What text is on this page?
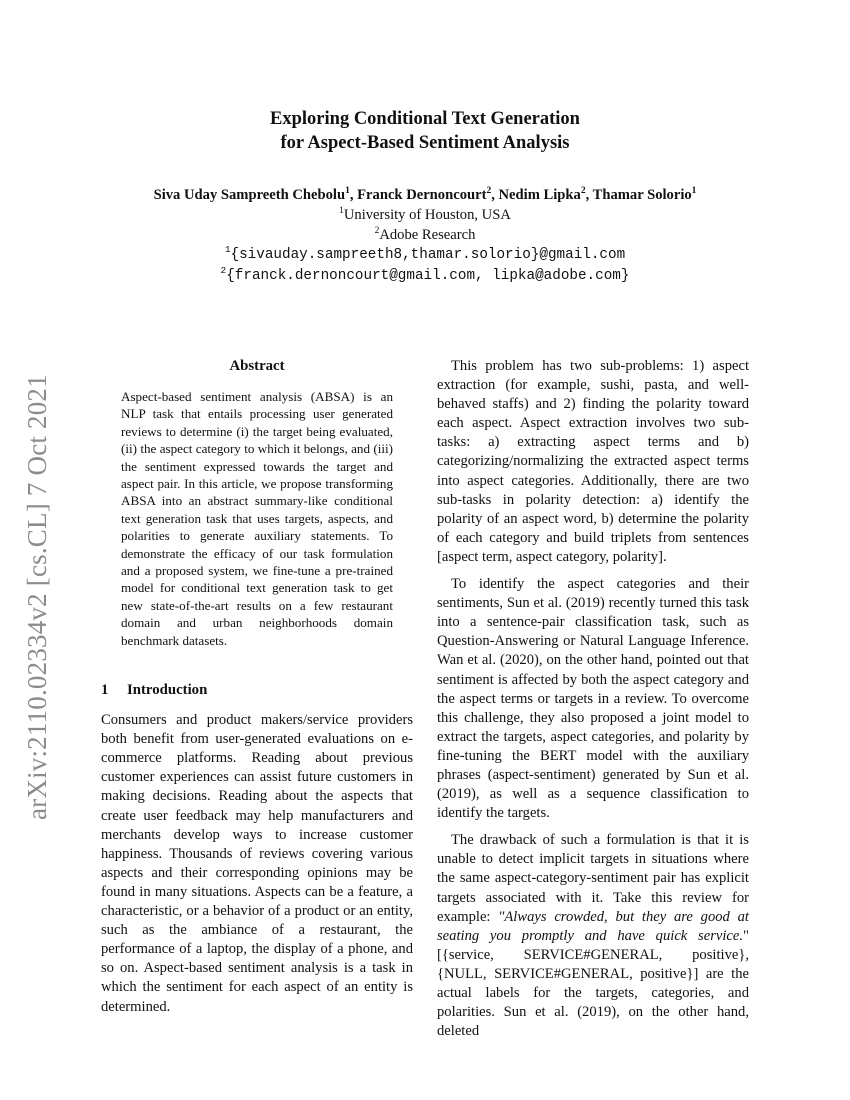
arXiv:2110.02334v2 [cs.CL] 7 Oct 2021
Exploring Conditional Text Generation
for Aspect-Based Sentiment Analysis
Siva Uday Sampreeth Chebolu$^1$, Franck Dernoncourt$^2$, Nedim Lipka$^2$, Thamar Solorio$^1$
$^1$University of Houston, USA
$^2$Adobe Research
$^1${sivauday.sampreeth8,thamar.solorio}@gmail.com
$^2${franck.dernoncourt@gmail.com, lipka@adobe.com}
Abstract

Aspect-based sentiment analysis (ABSA) is an NLP task that entails processing user generated reviews to determine (i) the target being evaluated, (ii) the aspect category to which it belongs, and (iii) the sentiment expressed towards the target and aspect pair. In this article, we propose transforming ABSA into an abstract summary-like conditional text generation task that uses targets, aspects, and polarities to generate auxiliary statements. To demonstrate the efficacy of our task formulation and a proposed system, we fine-tune a pre-trained model for conditional text generation task to get new state-of-the-art results on a few restaurant domain and urban neighborhoods domain benchmark datasets.

1 Introduction

Consumers and product makers/service providers both benefit from user-generated evaluations on e-commerce platforms. Reading about previous customer experiences can assist future customers in making decisions. Reading about the aspects that create user feedback may help manufacturers and merchants develop ways to increase customer happiness. Thousands of reviews covering various aspects and their corresponding opinions may be found in many situations. Aspects can be a feature, a characteristic, or a behavior of a product or an entity, such as the ambiance of a restaurant, the performance of a laptop, the display of a phone, and so on. Aspect-based sentiment analysis is a task in which the sentiment for each aspect of an entity is determined.

This problem has two sub-problems: 1) aspect extraction (for example, sushi, pasta, and well-behaved staffs) and 2) finding the polarity toward each aspect. Aspect extraction involves two sub-tasks: a) extracting aspect terms and b) categorizing/normalizing the extracted aspect terms into aspect categories. Additionally, there are two sub-tasks in polarity detection: a) identify the polarity of an aspect word, b) determine the polarity of each category and build triplets from sentences [aspect term, aspect category, polarity].

To identify the aspect categories and their sentiments, Sun et al. (2019) recently turned this task into a sentence-pair classification task, such as Question-Answering or Natural Language Inference. Wan et al. (2020), on the other hand, pointed out that sentiment is affected by both the aspect category and the aspect terms or targets in a review. To overcome this challenge, they also proposed a joint model to extract the targets, aspect categories, and polarity by fine-tuning the BERT model with the auxiliary phrases (aspect-sentiment) generated by Sun et al. (2019), as well as a sequence classification to identify the targets.

The drawback of such a formulation is that it is unable to detect implicit targets in situations where the same aspect-category-sentiment pair has explicit targets associated with it. Take this review for example: "Always crowded, but they are good at seating you promptly and have quick service." [{service, SERVICE#GENERAL, positive}, {NULL, SERVICE#GENERAL, positive}] are the actual labels for the targets, categories, and polarities. Sun et al. (2019), on the other hand, deleted
